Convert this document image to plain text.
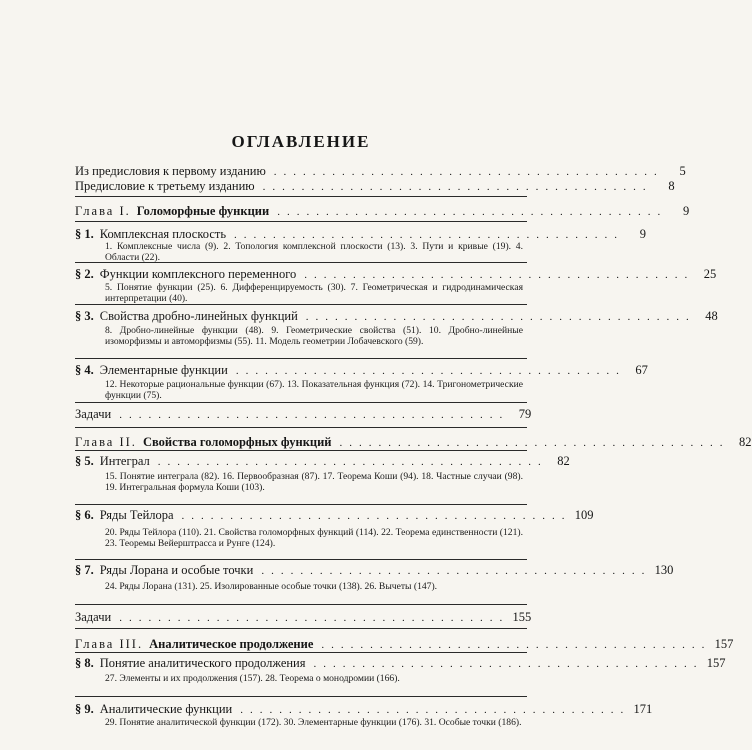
ОГЛАВЛЕНИЕ
Из предисловия к первому изданию ........................................	5
Предисловие к третьему изданию ........................................	8
Глава I. Голоморфные функции ........................................	9
§ 1. Комплексная плоскость ........................................	9
1. Комплексные числа (9). 2. Топология комплексной плоскости (13). 3. Пути и кривые (19). 4. Области (22).
§ 2. Функции комплексного переменного ........................................ 25
5. Понятие функции (25). 6. Дифференцируемость (30). 7. Геометрическая и гидродинамическая интерпретации (40).
§ 3. Свойства дробно-линейных функций ........................................ 48
8. Дробно-линейные функции (48). 9. Геометрические свойства (51). 10. Дробно-линейные изоморфизмы и автоморфизмы (55). 11. Модель геометрии Лобачевского (59).
§ 4. Элементарные функции ........................................ 67
12. Некоторые рациональные функции (67). 13. Показательная функция (72). 14. Тригонометрические функции (75).
Задачи ........................................ 79
Глава II. Свойства голоморфных функций ........................................ 82
§ 5. Интеграл ........................................ 82
15. Понятие интеграла (82). 16. Первообразная (87). 17. Теорема Коши (94). 18. Частные случаи (98). 19. Интегральная формула Коши (103).
§ 6. Ряды Тейлора ........................................ 109
20. Ряды Тейлора (110). 21. Свойства голоморфных функций (114). 22. Теорема единственности (121). 23. Теоремы Вейерштрасса и Рунге (124).
§ 7. Ряды Лорана и особые точки ........................................ 130
24. Ряды Лорана (131). 25. Изолированные особые точки (138). 26. Вычеты (147).
Задачи ........................................ 155
Глава III. Аналитическое продолжение ........................................ 157
§ 8. Понятие аналитического продолжения ........................................ 157
27. Элементы и их продолжения (157). 28. Теорема о монодромии (166).
§ 9. Аналитические функции ........................................ 171
29. Понятие аналитической функции (172). 30. Элементарные функции (176). 31. Особые точки (186).
